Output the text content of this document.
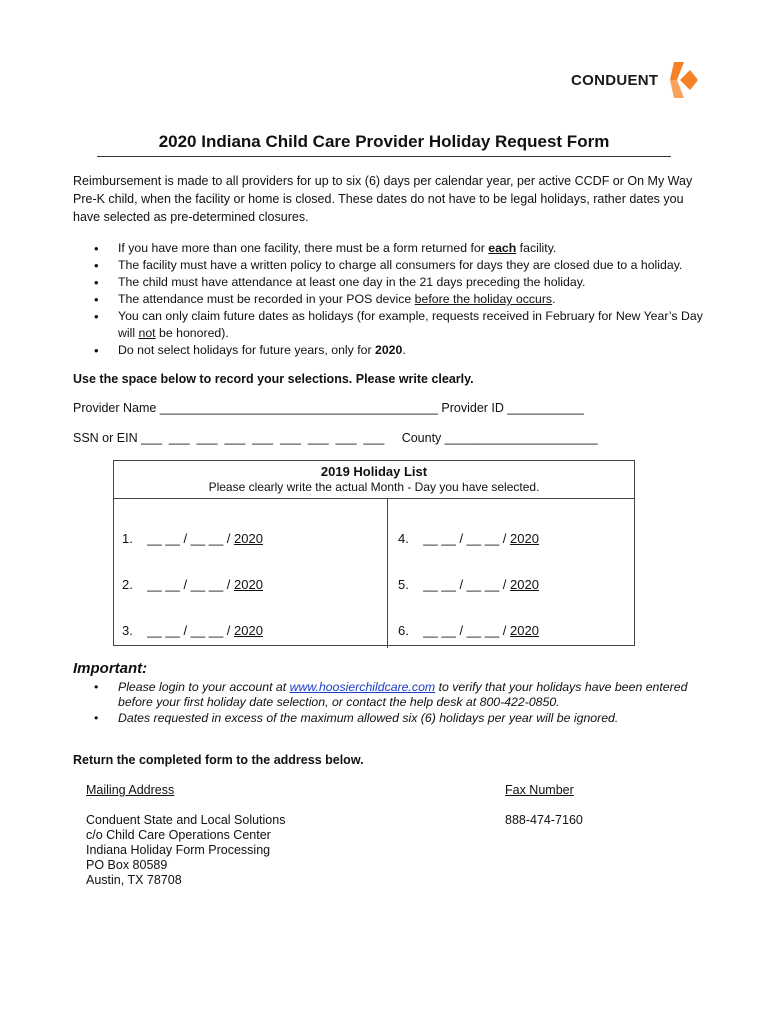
CONDUENT
2020 Indiana Child Care Provider Holiday Request Form
Reimbursement is made to all providers for up to six (6) days per calendar year, per active CCDF or On My Way Pre-K child, when the facility or home is closed. These dates do not have to be legal holidays, rather dates you have selected as pre-determined closures.
• If you have more than one facility, there must be a form returned for each facility.
• The facility must have a written policy to charge all consumers for days they are closed due to a holiday.
• The child must have attendance at least one day in the 21 days preceding the holiday.
• The attendance must be recorded in your POS device before the holiday occurs.
• You can only claim future dates as holidays (for example, requests received in February for New Year’s Day will not be honored).
• Do not select holidays for future years, only for 2020.
Use the space below to record your selections. Please write clearly.
Provider Name ________________________________________ Provider ID ___________
SSN or EIN ___  ___  ___  ___  ___  ___  ___  ___  ___     County ______________________
2019 Holiday List
Please clearly write the actual Month - Day you have selected.
1. __ __ / __ __ / 2020
2. __ __ / __ __ / 2020
3. __ __ / __ __ / 2020
4. __ __ / __ __ / 2020
5. __ __ / __ __ / 2020
6. __ __ / __ __ / 2020
Important:
• Please login to your account at www.hoosierchildcare.com to verify that your holidays have been entered before your first holiday date selection, or contact the help desk at 800-422-0850.
• Dates requested in excess of the maximum allowed six (6) holidays per year will be ignored.
Return the completed form to the address below.
Mailing Address	Fax Number
Conduent State and Local Solutions
c/o Child Care Operations Center
Indiana Holiday Form Processing
PO Box 80589
Austin, TX 78708
888-474-7160
